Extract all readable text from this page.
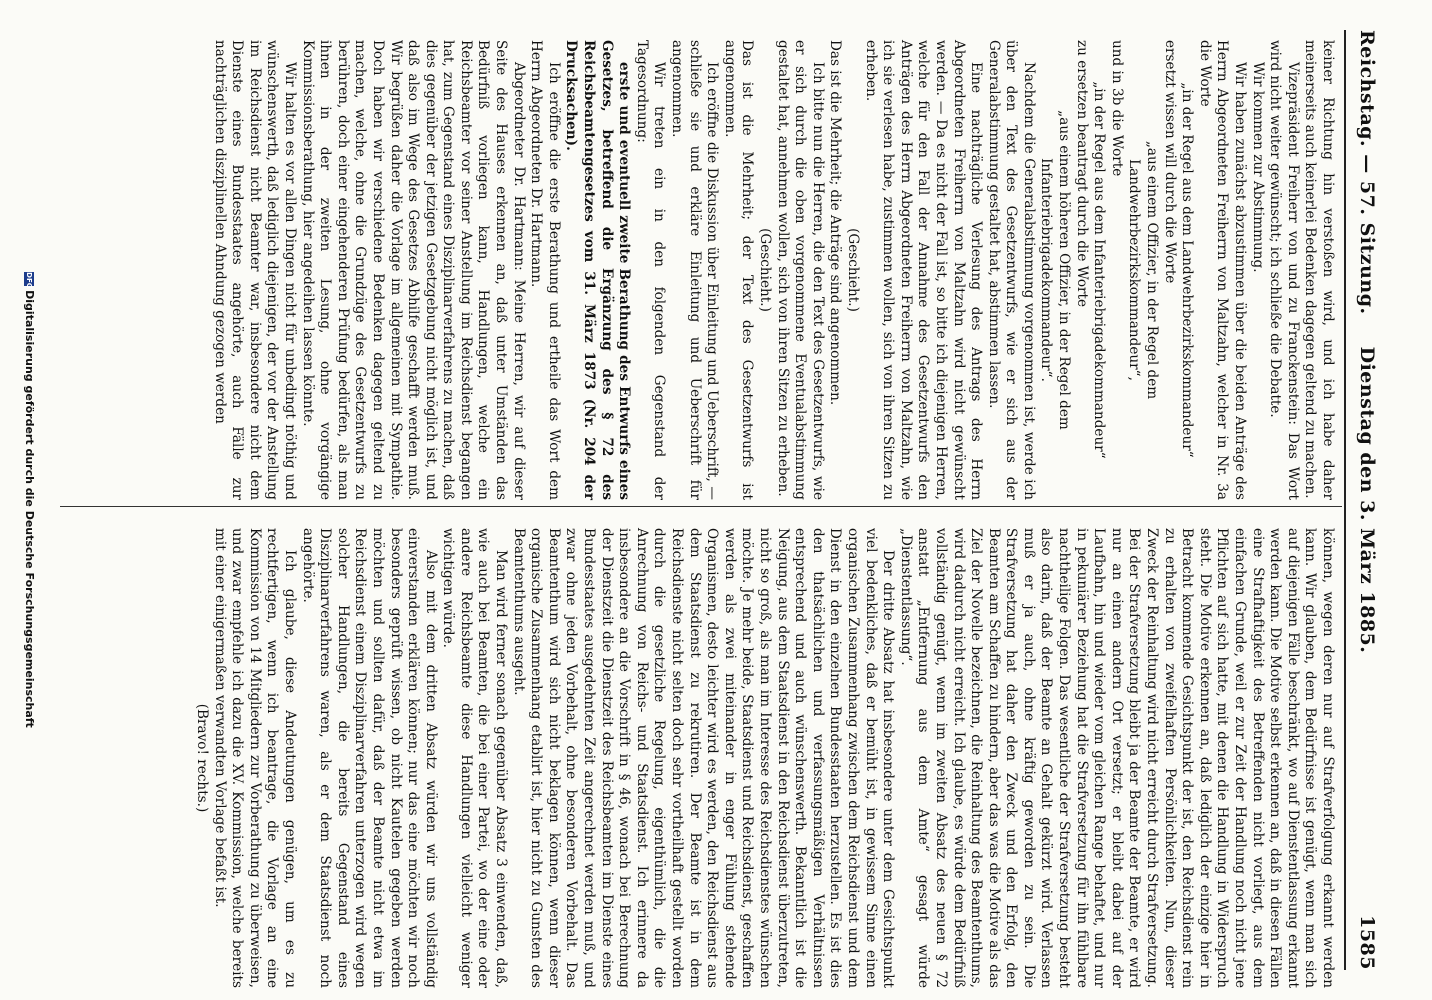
Reichstag. — 57. Sitzung.
Dienstag den 3. März 1885.
1585

keiner Richtung hin verstoßen wird, und ich habe daher meinerseits auch keinerlei Bedenken dagegen geltend zu machen.

Vizepräsident Freiherr von und zu Franckenstein: Das Wort wird nicht weiter gewünscht; ich schließe die Debatte.

Wir kommen zur Abstimmung.

Wir haben zunächst abzustimmen über die beiden Anträge des Herrn Abgeordneten Freiherrn von Maltzahn, welcher in Nr. 3a die Worte

„in der Regel aus dem Landwehrbezirkskommandeur“

ersetzt wissen will durch die Worte

„aus einem Offizier, in der Regel dem Landwehrbezirkskommandeur“,

und in 3b die Worte

„in der Regel aus dem Infanteriebrigadekommandeur“

zu ersetzen beantragt durch die Worte

„aus einem höheren Offizier, in der Regel dem Infanteriebrigadekommandeur“.

Nachdem die Generalabstimmung vorgenommen ist, werde ich über den Text des Gesetzentwurfs, wie er sich aus der Generalabstimmung gestaltet hat, abstimmen lassen.

Eine nachträgliche Verlesung des Antrags des Herrn Abgeordneten Freiherrn von Maltzahn wird nicht gewünscht werden. — Da es nicht der Fall ist, so bitte ich diejenigen Herren, welche für den Fall der Annahme des Gesetzentwurfs den Anträgen des Herrn Abgeordneten Freiherrn von Maltzahn, wie ich sie verlesen habe, zustimmen wollen, sich von ihren Sitzen zu erheben.

(Geschieht.)

Das ist die Mehrheit; die Anträge sind angenommen.

Ich bitte nun die Herren, die den Text des Gesetzentwurfs, wie er sich durch die oben vorgenommene Eventualabstimmung gestaltet hat, annehmen wollen, sich von ihren Sitzen zu erheben.

(Geschieht.)

Das ist die Mehrheit; der Text des Gesetzentwurfs ist angenommen.

Ich eröffne die Diskussion über Einleitung und Ueberschrift, — schließe sie und erkläre Einleitung und Ueberschrift für angenommen.

Wir treten ein in den folgenden Gegenstand der Tagesordnung:

erste und eventuell zweite Berathung des Entwurfs eines Gesetzes, betreffend die Ergänzung des § 72 des Reichsbeamtengesetzes vom 31. März 1873 (Nr. 204 der Drucksachen).

Ich eröffne die erste Berathung und ertheile das Wort dem Herrn Abgeordneten Dr. Hartmann.

Abgeordneter Dr. Hartmann: Meine Herren, wir auf dieser Seite des Hauses erkennen an, daß unter Umständen das Bedürfniß vorliegen kann, Handlungen, welche ein Reichsbeamter vor seiner Anstellung im Reichsdienst begangen hat, zum Gegenstand eines Disziplinarverfahrens zu machen, daß dies gegenüber der jetzigen Gesetzgebung nicht möglich ist, und daß also im Wege des Gesetzes Abhilfe geschafft werden muß. Wir begrüßen daher die Vorlage im allgemeinen mit Sympathie. Doch haben wir verschiedene Bedenken dagegen geltend zu machen, welche, ohne die Grundzüge des Gesetzentwurfs zu berühren, doch einer eingehenderen Prüfung bedürfen, als man ihnen in der zweiten Lesung, ohne vorgängige Kommissionsberathung, hier angedeihen lassen könnte.

Wir halten es vor allen Dingen nicht für unbedingt nöthig und wünschenswerth, daß lediglich diejenigen, der vor der Anstellung im Reichsdienst nicht Beamter war, insbesondere nicht dem Dienste eines Bundesstaates angehörte, auch Fälle zur nachträglichen disziplinellen Ahndung gezogen werden

können, wegen deren nur auf Strafverfolgung erkannt werden kann. Wir glauben, dem Bedürfnisse ist genügt, wenn man sich auf diejenigen Fälle beschränkt, wo auf Dienstentlassung erkannt werden kann. Die Motive selbst erkennen an, daß in diesen Fällen eine Strafhaftigkeit des Betreffenden nicht vorliegt, aus dem einfachen Grunde, weil er zur Zeit der Handlung noch nicht jene Pflichten auf sich hatte, mit denen die Handlung in Widerspruch steht. Die Motive erkennen an, daß lediglich der einzige hier in Betracht kommende Gesichtspunkt der ist, den Reichsdienst rein zu erhalten von zweifelhaften Persönlichkeiten. Nun, dieser Zweck der Reinhaltung wird nicht erreicht durch Strafversetzung. Bei der Strafversetzung bleibt ja der Beamte der Beamte, er wird nur an einen andern Ort versetzt; er bleibt dabei auf der Laufbahn, hin und wieder vom gleichen Range behaftet, und nur in pekuniärer Beziehung hat die Strafversetzung für ihn fühlbare nachtheilige Folgen. Das wesentliche der Strafversetzung besteht also darin, daß der Beamte an Gehalt gekürzt wird. Verlassen muß er ja auch, ohne kräftig geworden zu sein. Die Strafversetzung hat daher den Zweck und den Erfolg, den Beamten am Schaffen zu hindern, aber das was die Motive als das Ziel der Novelle bezeichnen, die Reinhaltung des Beamtenthums, wird dadurch nicht erreicht. Ich glaube, es würde dem Bedürfniß vollständig genügt, wenn im zweiten Absatz des neuen § 72 anstatt „Entfernung aus dem Amte“ gesagt würde „Dienstentlassung“.

Der dritte Absatz hat insbesondere unter dem Gesichtspunkt viel bedenkliches, daß er bemüht ist, in gewissem Sinne einen organischen Zusammenhang zwischen dem Reichsdienst und dem Dienst in den einzelnen Bundesstaaten herzustellen. Es ist dies den thatsächlichen und verfassungsmäßigen Verhältnissen entsprechend und auch wünschenswerth. Bekanntlich ist die Neigung, aus dem Staatsdienst in den Reichsdienst überzutreten, nicht so groß, als man im Interesse des Reichsdienstes wünschen möchte. Je mehr beide, Staatsdienst und Reichsdienst, geschaffen werden als zwei miteinander in enger Fühlung stehende Organismen, desto leichter wird es werden, den Reichsdienst aus dem Staatsdienst zu rekrutiren. Der Beamte ist in dem Reichsdienste nicht selten doch sehr vortheilhaft gestellt worden durch die gesetzliche Regelung, eigenthümlich, die die Anrechnung von Reichs- und Staatsdienst. Ich erinnere da insbesondere an die Vorschrift in § 46, wonach bei Berechnung der Dienstzeit die Dienstzeit des Reichsbeamten im Dienste eines Bundesstaates ausgedehnten Zeit angerechnet werden muß, und zwar ohne jeden Vorbehalt, ohne besonderen Vorbehalt. Das Beamtenthum wird sich nicht beklagen können, wenn dieser organische Zusammenhang etablirt ist, hier nicht zu Gunsten des Beamtenthums ausgeht.

Man wird ferner sonach gegenüber Absatz 3 einwenden, daß, wie auch bei Beamten, die bei einer Partei, wo der eine oder andere Reichsbeamte diese Handlungen vielleicht weniger wichtigen würde.

Also mit dem dritten Absatz würden wir uns vollständig einverstanden erklären können; nur das eine möchten wir noch besonders geprüft wissen, ob nicht Kautelen gegeben werden möchten und sollten dafür, daß der Beamte nicht etwa im Reichsdienst einem Disziplinarverfahren unterzogen wird wegen solcher Handlungen, die bereits Gegenstand eines Disziplinarverfahrens waren, als er dem Staatsdienst noch angehörte.

Ich glaube, diese Andeutungen genügen, um es zu rechtfertigen, wenn ich beantrage, die Vorlage an eine Kommission von 14 Mitgliedern zur Vorberathung zu überweisen, und zwar empfehle ich dazu die XV. Kommission, welche bereits mit einer einigermaßen verwandten Vorlage befaßt ist.

(Bravo! rechts.)

DFGDigitalisierung gefördert durch die Deutsche Forschungsgemeinschaft
